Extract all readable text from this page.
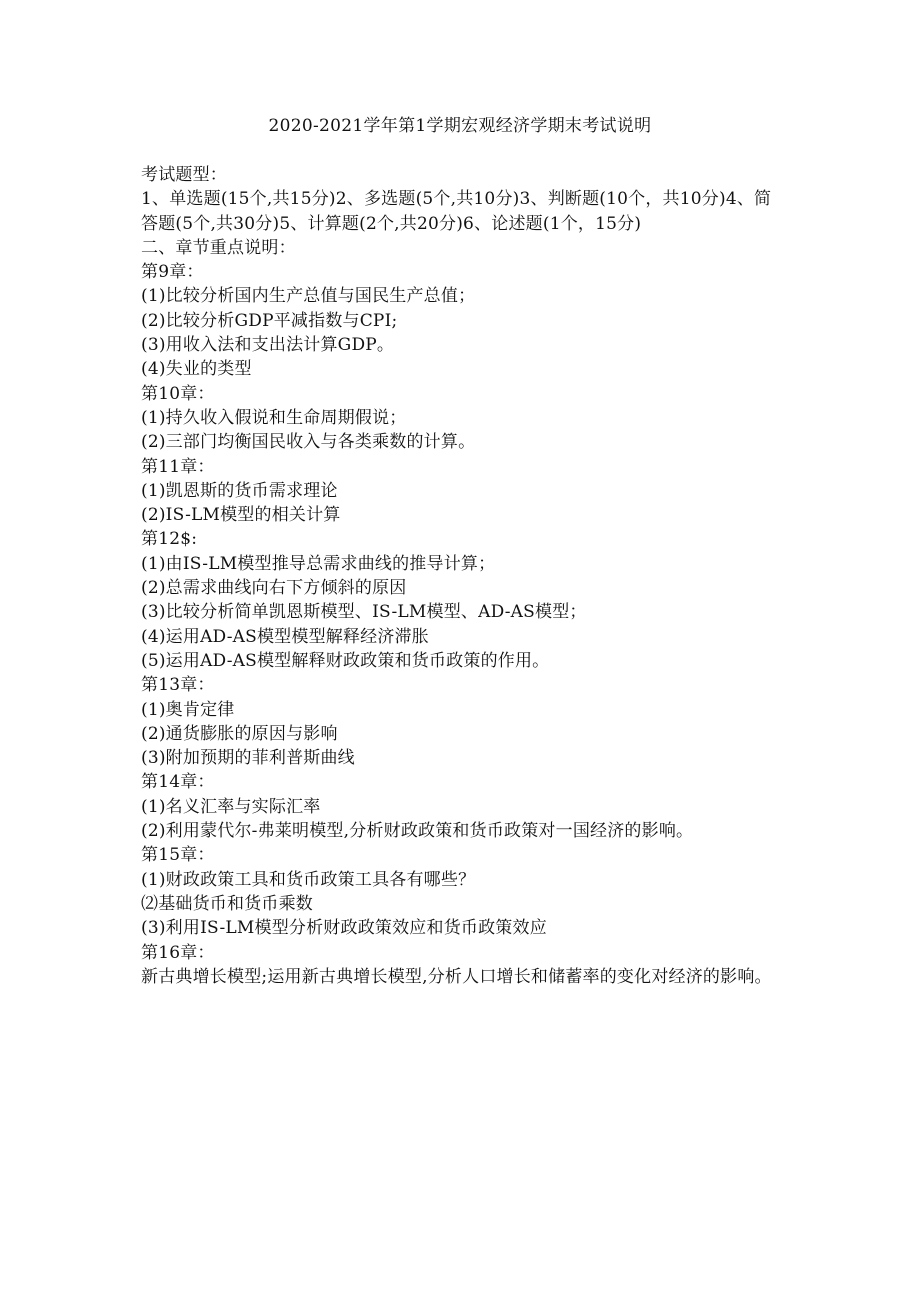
2020-2021学年第1学期宏观经济学期末考试说明
考试题型：
1、单选题(15个,共15分)2、多选题(5个,共10分)3、判断题(10个，共10分)4、简答题(5个,共30分)5、计算题(2个,共20分)6、论述题(1个，15分)
二、章节重点说明：
第9章：
(1)比较分析国内生产总值与国民生产总值；
(2)比较分析GDP平减指数与CPI;
(3)用收入法和支出法计算GDP。
(4)失业的类型
第10章：
(1)持久收入假说和生命周期假说；
(2)三部门均衡国民收入与各类乘数的计算。
第11章：
(1)凯恩斯的货币需求理论
(2)IS-LM模型的相关计算
第12$:
(1)由IS-LM模型推导总需求曲线的推导计算；
(2)总需求曲线向右下方倾斜的原因
(3)比较分析简单凯恩斯模型、IS-LM模型、AD-AS模型；
(4)运用AD-AS模型模型解释经济滞胀
(5)运用AD-AS模型解释财政政策和货币政策的作用。
第13章：
(1)奥肯定律
(2)通货膨胀的原因与影响
(3)附加预期的菲利普斯曲线
第14章：
(1)名义汇率与实际汇率
(2)利用蒙代尔-弗莱明模型,分析财政政策和货币政策对一国经济的影响。
第15章：
(1)财政政策工具和货币政策工具各有哪些？
⑵基础货币和货币乘数
(3)利用IS-LM模型分析财政政策效应和货币政策效应
第16章：
新古典增长模型;运用新古典增长模型,分析人口增长和储蓄率的变化对经济的影响。
